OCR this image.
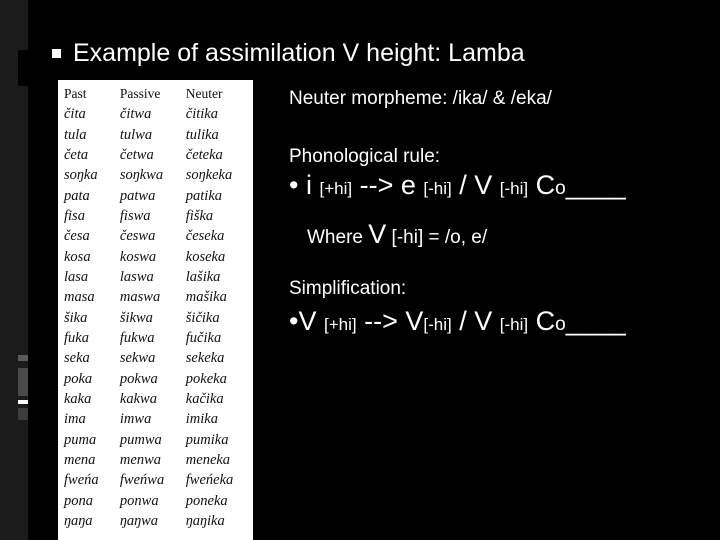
Example of assimilation V height: Lamba
Past	Passive	Neuter
čita	čitwa	čitika
tula	tulwa	tulika
četa	četwa	četeka
soŋka	soŋkwa	soŋkeka
pata	patwa	patika
fisa	fiswa	fiška
česa	česwa	česeka
kosa	koswa	koseka
lasa	laswa	lašika
masa	maswa	mašika
šika	šikwa	šičika
fuka	fukwa	fučika
seka	sekwa	sekeka
poka	pokwa	pokeka
kaka	kakwa	kačika
ima	imwa	imika
puma	pumwa	pumika
mena	menwa	meneka
fweńa	fweńwa	fweńeka
pona	ponwa	poneka
ŋaŋa	ŋaŋwa	ŋaŋika
Neuter morpheme: /ika/ & /eka/
Phonological rule:
• i [+hi] --> e [-hi] / V [-hi] Co____
Where V [-hi] = /o, e/
Simplification:
•V [+hi] --> V[-hi] / V [-hi] Co____
